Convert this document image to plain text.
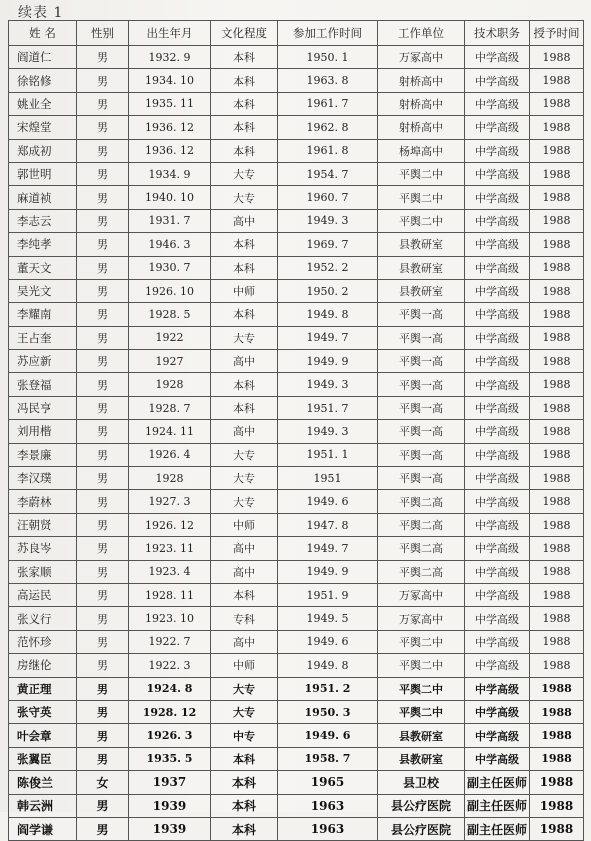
续表 1
姓 名	性别	出生年月	文化程度	参加工作时间	工作单位	技术职务	授予时间
阎道仁	男	1932. 9	本科	1950. 1	万冢高中	中学高级	1988
徐铭修	男	1934. 10	本科	1963. 8	射桥高中	中学高级	1988
姚业全	男	1935. 11	本科	1961. 7	射桥高中	中学高级	1988
宋煌堂	男	1936. 12	本科	1962. 8	射桥高中	中学高级	1988
郑成初	男	1936. 12	本科	1961. 8	杨埠高中	中学高级	1988
郭世明	男	1934. 9	大专	1954. 7	平舆二中	中学高级	1988
麻道祯	男	1940. 10	大专	1960. 7	平舆二中	中学高级	1988
李志云	男	1931. 7	高中	1949. 3	平舆二中	中学高级	1988
李纯孝	男	1946. 3	本科	1969. 7	县教研室	中学高级	1988
董天文	男	1930. 7	本科	1952. 2	县教研室	中学高级	1988
吴光文	男	1926. 10	中师	1950. 2	县教研室	中学高级	1988
李耀南	男	1928. 5	本科	1949. 8	平舆一高	中学高级	1988
王占奎	男	1922	大专	1949. 7	平舆一高	中学高级	1988
苏应新	男	1927	高中	1949. 9	平舆一高	中学高级	1988
张登福	男	1928	本科	1949. 3	平舆一高	中学高级	1988
冯民亨	男	1928. 7	本科	1951. 7	平舆一高	中学高级	1988
刘用楷	男	1924. 11	高中	1949. 3	平舆一高	中学高级	1988
李景廉	男	1926. 4	大专	1951. 1	平舆一高	中学高级	1988
李汉璞	男	1928	大专	1951	平舆一高	中学高级	1988
李蔚林	男	1927. 3	大专	1949. 6	平舆二高	中学高级	1988
汪朝贤	男	1926. 12	中师	1947. 8	平舆二高	中学高级	1988
苏良岑	男	1923. 11	高中	1949. 7	平舆二高	中学高级	1988
张家顺	男	1923. 4	高中	1949. 9	平舆二高	中学高级	1988
高运民	男	1928. 11	本科	1951. 9	万冢高中	中学高级	1988
张义行	男	1923. 10	专科	1949. 5	万冢高中	中学高级	1988
范怀珍	男	1922. 7	高中	1949. 6	平舆二中	中学高级	1988
房继伦	男	1922. 3	中师	1949. 8	平舆二中	中学高级	1988
黄正理	男	1924. 8	大专	1951. 2	平舆二中	中学高级	1988
张守英	男	1928. 12	大专	1950. 3	平舆二中	中学高级	1988
叶会章	男	1926. 3	中专	1949. 6	县教研室	中学高级	1988
张翼臣	男	1935. 5	本科	1958. 7	县教研室	中学高级	1988
陈俊兰	女	1937	本科	1965	县卫校	副主任医师	1988
韩云洲	男	1939	本科	1963	县公疗医院	副主任医师	1988
阎学谦	男	1939	本科	1963	县公疗医院	副主任医师	1988
